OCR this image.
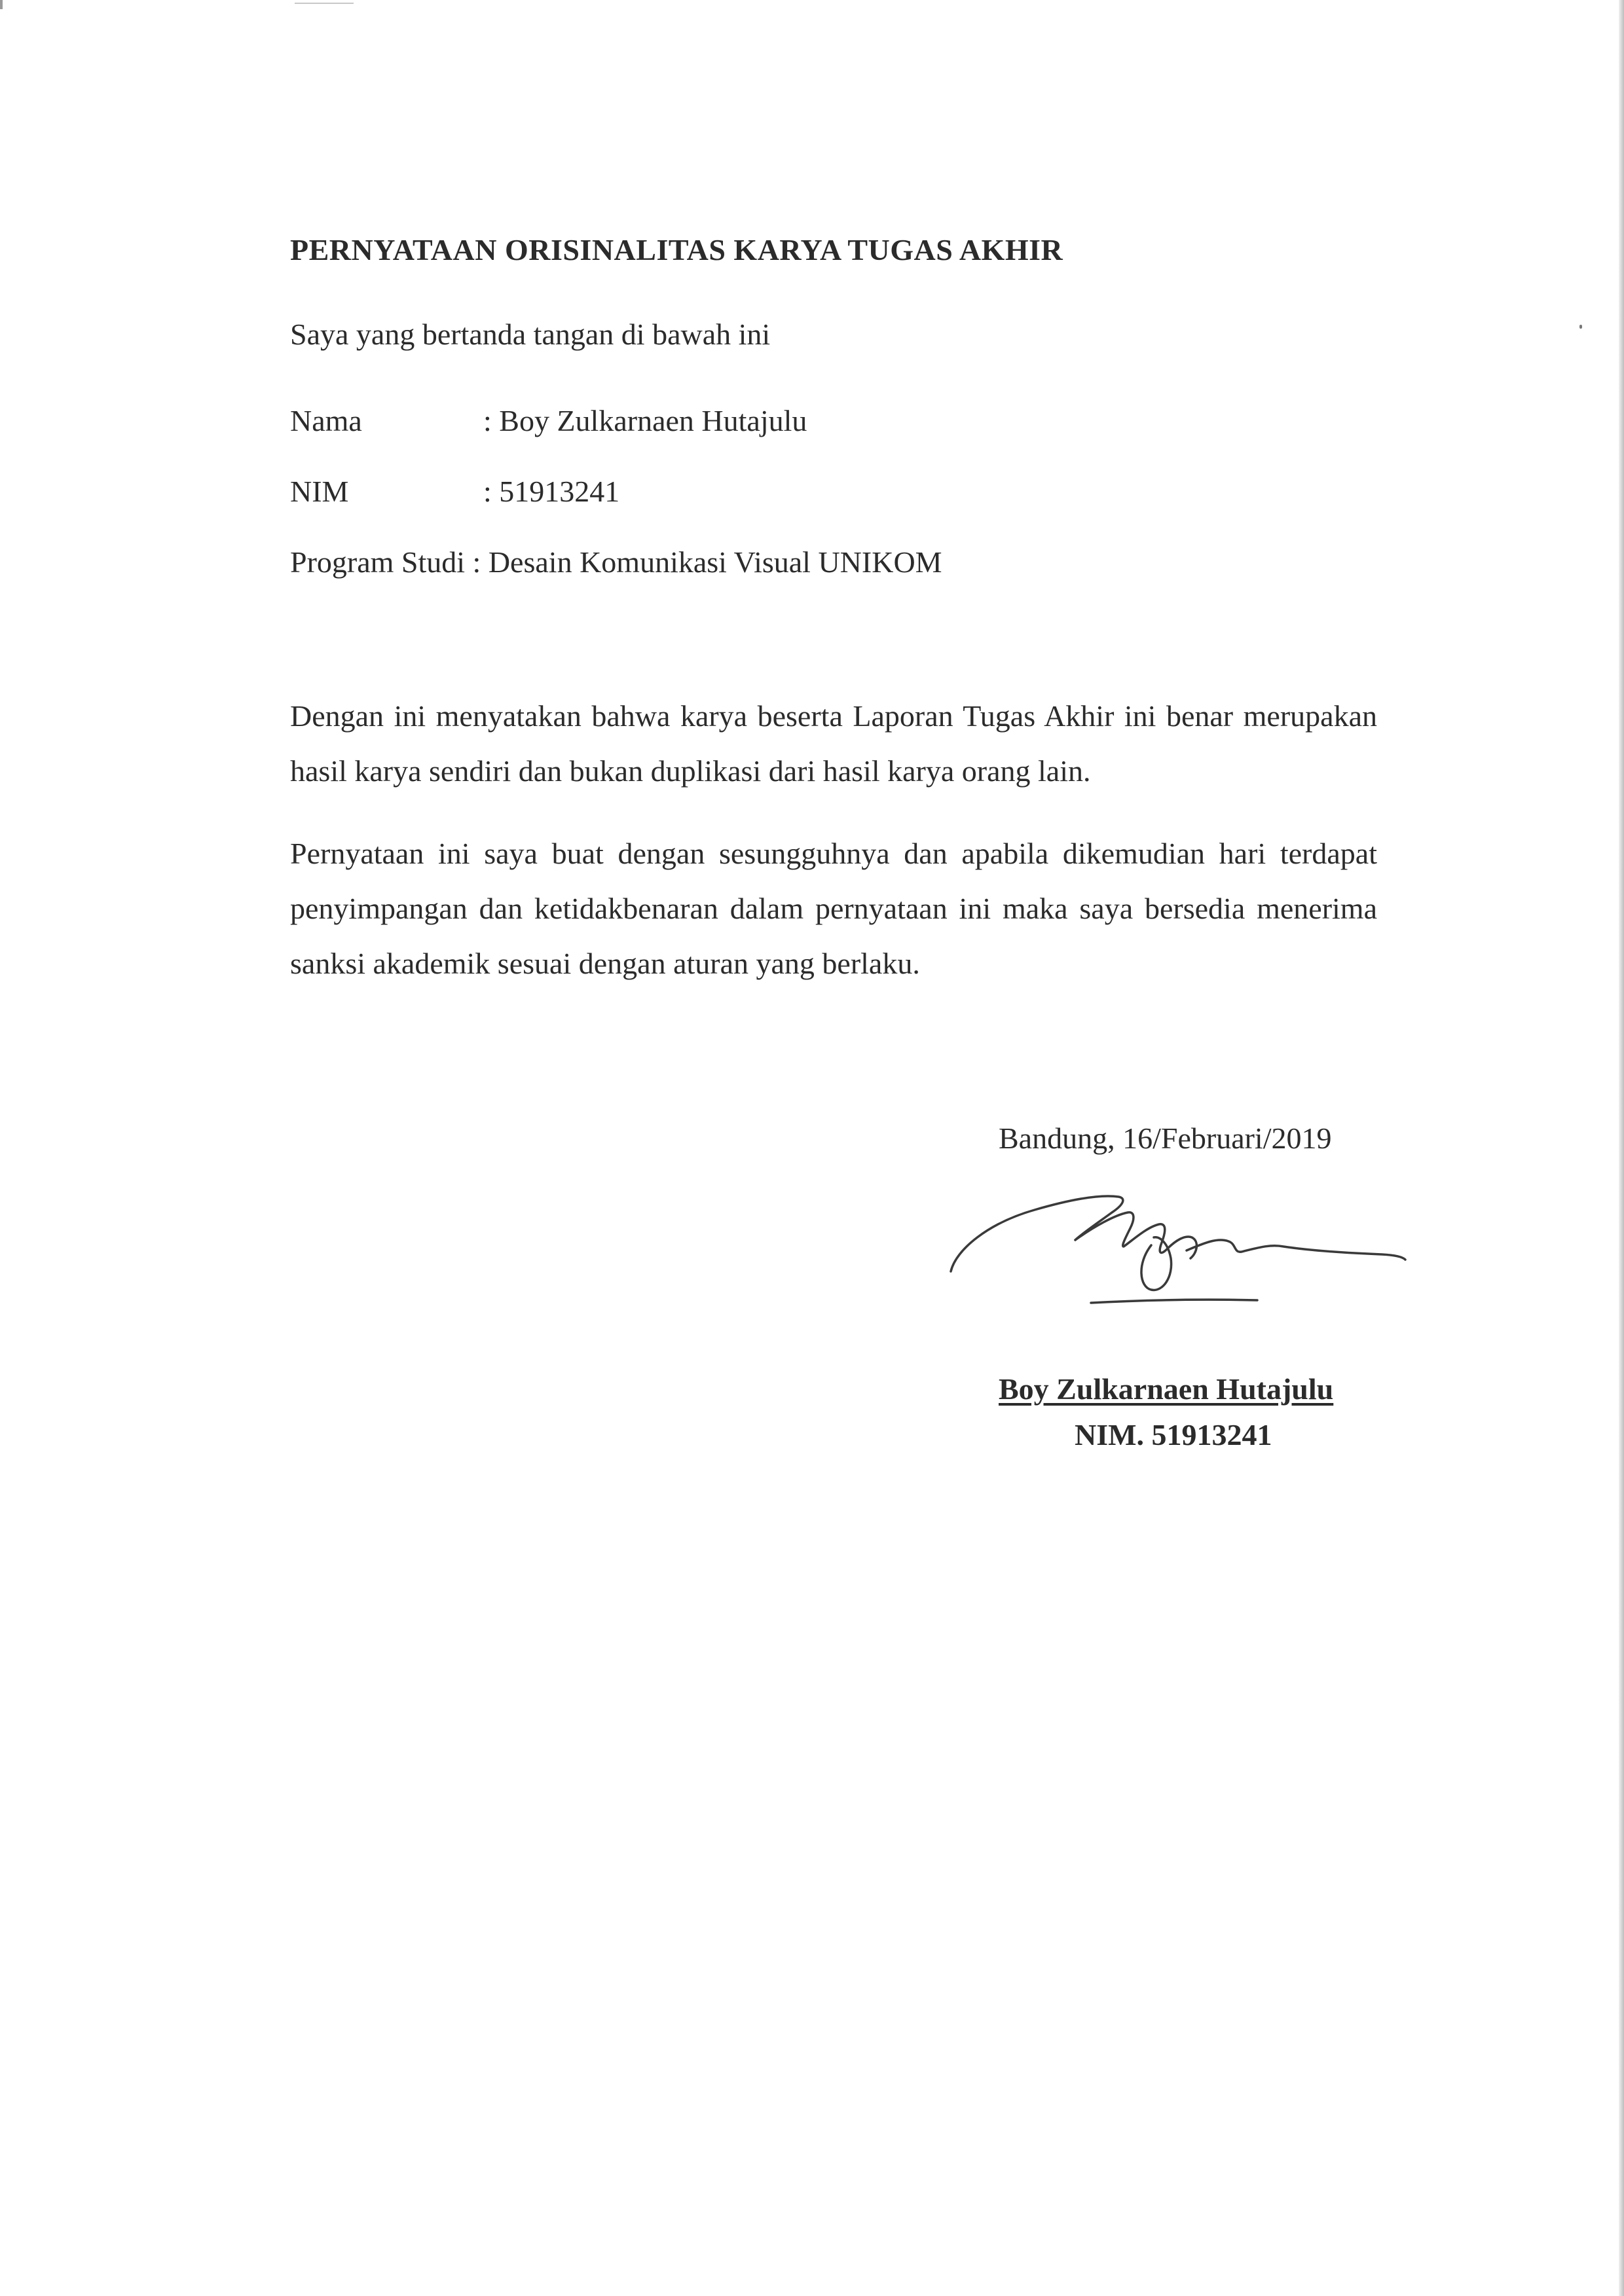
PERNYATAAN ORISINALITAS KARYA TUGAS AKHIR
Saya yang bertanda tangan di bawah ini
Nama	: Boy Zulkarnaen Hutajulu
NIM	: 51913241
Program Studi : Desain Komunikasi Visual UNIKOM

Dengan ini menyatakan bahwa karya beserta Laporan Tugas Akhir ini benar merupakan hasil karya sendiri dan bukan duplikasi dari hasil karya orang lain.

Pernyataan ini saya buat dengan sesungguhnya dan apabila dikemudian hari terdapat penyimpangan dan ketidakbenaran dalam pernyataan ini maka saya bersedia menerima sanksi akademik sesuai dengan aturan yang berlaku.

Bandung, 16/Februari/2019
Boy Zulkarnaen Hutajulu
NIM. 51913241
